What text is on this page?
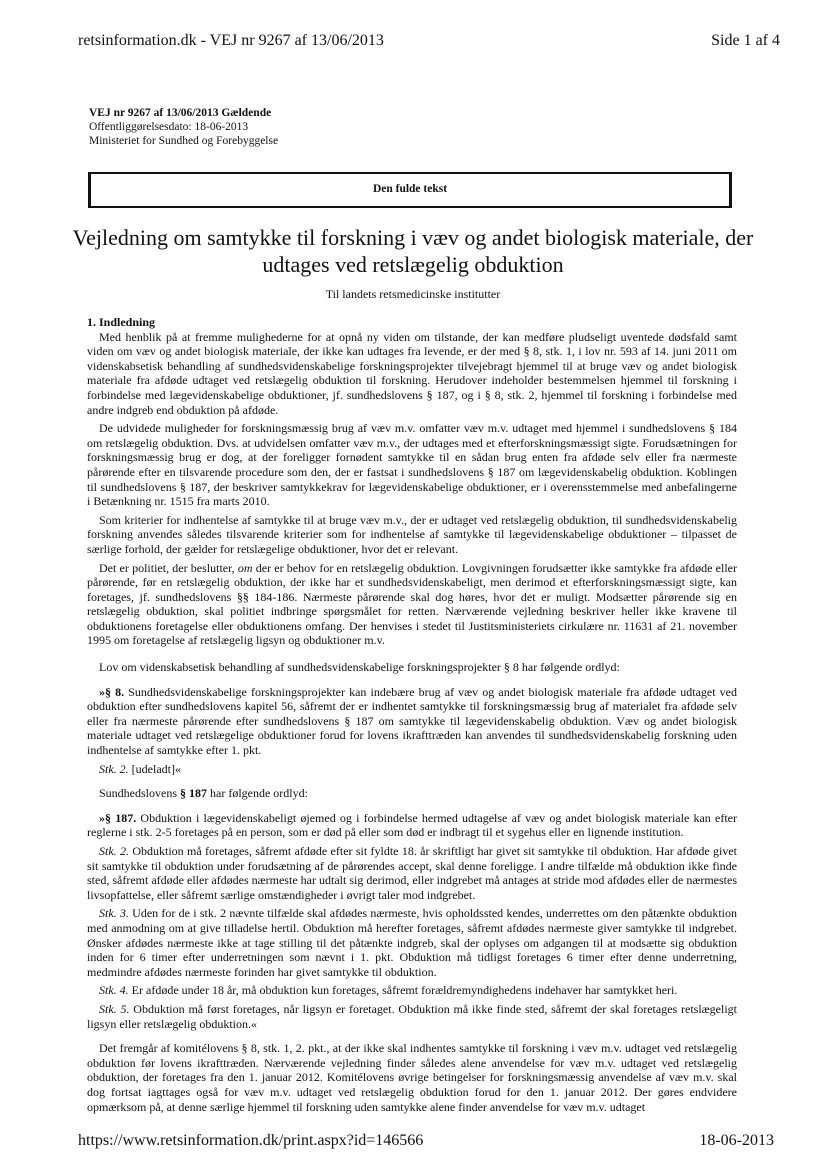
retsinformation.dk - VEJ nr 9267 af 13/06/2013	Side 1 af 4
VEJ nr 9267 af 13/06/2013 Gældende
Offentliggørelsesdato: 18-06-2013
Ministeriet for Sundhed og Forebyggelse
Den fulde tekst
Vejledning om samtykke til forskning i væv og andet biologisk materiale, der udtages ved retslægelig obduktion
Til landets retsmedicinske institutter
1. Indledning

Med henblik på at fremme mulighederne for at opnå ny viden om tilstande, der kan medføre pludseligt uventede dødsfald samt viden om væv og andet biologisk materiale, der ikke kan udtages fra levende, er der med § 8, stk. 1, i lov nr. 593 af 14. juni 2011 om videnskabsetisk behandling af sundhedsvidenskabelige forskningsprojekter tilvejebragt hjemmel til at bruge væv og andet biologisk materiale fra afdøde udtaget ved retslægelig obduktion til forskning. Herudover indeholder bestemmelsen hjemmel til forskning i forbindelse med lægevidenskabelige obduktioner, jf. sundhedslovens § 187, og i § 8, stk. 2, hjemmel til forskning i forbindelse med andre indgreb end obduktion på afdøde.

De udvidede muligheder for forskningsmæssig brug af væv m.v. omfatter væv m.v. udtaget med hjemmel i sundhedslovens § 184 om retslægelig obduktion. Dvs. at udvidelsen omfatter væv m.v., der udtages med et efterforskningsmæssigt sigte. Forudsætningen for forskningsmæssig brug er dog, at der foreligger fornødent samtykke til en sådan brug enten fra afdøde selv eller fra nærmeste pårørende efter en tilsvarende procedure som den, der er fastsat i sundhedslovens § 187 om lægevidenskabelig obduktion. Koblingen til sundhedslovens § 187, der beskriver samtykkekrav for lægevidenskabelige obduktioner, er i overensstemmelse med anbefalingerne i Betænkning nr. 1515 fra marts 2010.

Som kriterier for indhentelse af samtykke til at bruge væv m.v., der er udtaget ved retslægelig obduktion, til sundhedsvidenskabelig forskning anvendes således tilsvarende kriterier som for indhentelse af samtykke til lægevidenskabelige obduktioner – tilpasset de særlige forhold, der gælder for retslægelige obduktioner, hvor det er relevant.

Det er politiet, der beslutter, om der er behov for en retslægelig obduktion. Lovgivningen forudsætter ikke samtykke fra afdøde eller pårørende, før en retslægelig obduktion, der ikke har et sundhedsvidenskabeligt, men derimod et efterforskningsmæssigt sigte, kan foretages, jf. sundhedslovens §§ 184-186. Nærmeste pårørende skal dog høres, hvor det er muligt. Modsætter pårørende sig en retslægelig obduktion, skal politiet indbringe spørgsmålet for retten. Nærværende vejledning beskriver heller ikke kravene til obduktionens foretagelse eller obduktionens omfang. Der henvises i stedet til Justitsministeriets cirkulære nr. 11631 af 21. november 1995 om foretagelse af retslægelig ligsyn og obduktioner m.v.

Lov om videnskabsetisk behandling af sundhedsvidenskabelige forskningsprojekter § 8 har følgende ordlyd:

»§ 8. Sundhedsvidenskabelige forskningsprojekter kan indebære brug af væv og andet biologisk materiale fra afdøde udtaget ved obduktion efter sundhedslovens kapitel 56, såfremt der er indhentet samtykke til forskningsmæssig brug af materialet fra afdøde selv eller fra nærmeste pårørende efter sundhedslovens § 187 om samtykke til lægevidenskabelig obduktion. Væv og andet biologisk materiale udtaget ved retslægelige obduktioner forud for lovens ikrafttræden kan anvendes til sundhedsvidenskabelig forskning uden indhentelse af samtykke efter 1. pkt.

Stk. 2. [udeladt]«

Sundhedslovens § 187 har følgende ordlyd:

»§ 187. Obduktion i lægevidenskabeligt øjemed og i forbindelse hermed udtagelse af væv og andet biologisk materiale kan efter reglerne i stk. 2-5 foretages på en person, som er død på eller som død er indbragt til et sygehus eller en lignende institution.

Stk. 2. Obduktion må foretages, såfremt afdøde efter sit fyldte 18. år skriftligt har givet sit samtykke til obduktion. Har afdøde givet sit samtykke til obduktion under forudsætning af de pårørendes accept, skal denne foreligge. I andre tilfælde må obduktion ikke finde sted, såfremt afdøde eller afdødes nærmeste har udtalt sig derimod, eller indgrebet må antages at stride mod afdødes eller de nærmestes livsopfattelse, eller såfremt særlige omstændigheder i øvrigt taler mod indgrebet.

Stk. 3. Uden for de i stk. 2 nævnte tilfælde skal afdødes nærmeste, hvis opholdssted kendes, underrettes om den påtænkte obduktion med anmodning om at give tilladelse hertil. Obduktion må herefter foretages, såfremt afdødes nærmeste giver samtykke til indgrebet. Ønsker afdødes nærmeste ikke at tage stilling til det påtænkte indgreb, skal der oplyses om adgangen til at modsætte sig obduktion inden for 6 timer efter underretningen som nævnt i 1. pkt. Obduktion må tidligst foretages 6 timer efter denne underretning, medmindre afdødes nærmeste forinden har givet samtykke til obduktion.

Stk. 4. Er afdøde under 18 år, må obduktion kun foretages, såfremt forældremyndighedens indehaver har samtykket heri.

Stk. 5. Obduktion må først foretages, når ligsyn er foretaget. Obduktion må ikke finde sted, såfremt der skal foretages retslægeligt ligsyn eller retslægelig obduktion.«

Det fremgår af komitélovens § 8, stk. 1, 2. pkt., at der ikke skal indhentes samtykke til forskning i væv m.v. udtaget ved retslægelig obduktion før lovens ikrafttræden. Nærværende vejledning finder således alene anvendelse for væv m.v. udtaget ved retslægelig obduktion, der foretages fra den 1. januar 2012. Komitélovens øvrige betingelser for forskningsmæssig anvendelse af væv m.v. skal dog fortsat iagttages også for væv m.v. udtaget ved retslægelig obduktion forud for den 1. januar 2012. Der gøres endvidere opmærksom på, at denne særlige hjemmel til forskning uden samtykke alene finder anvendelse for væv m.v. udtaget

https://www.retsinformation.dk/print.aspx?id=146566	18-06-2013
